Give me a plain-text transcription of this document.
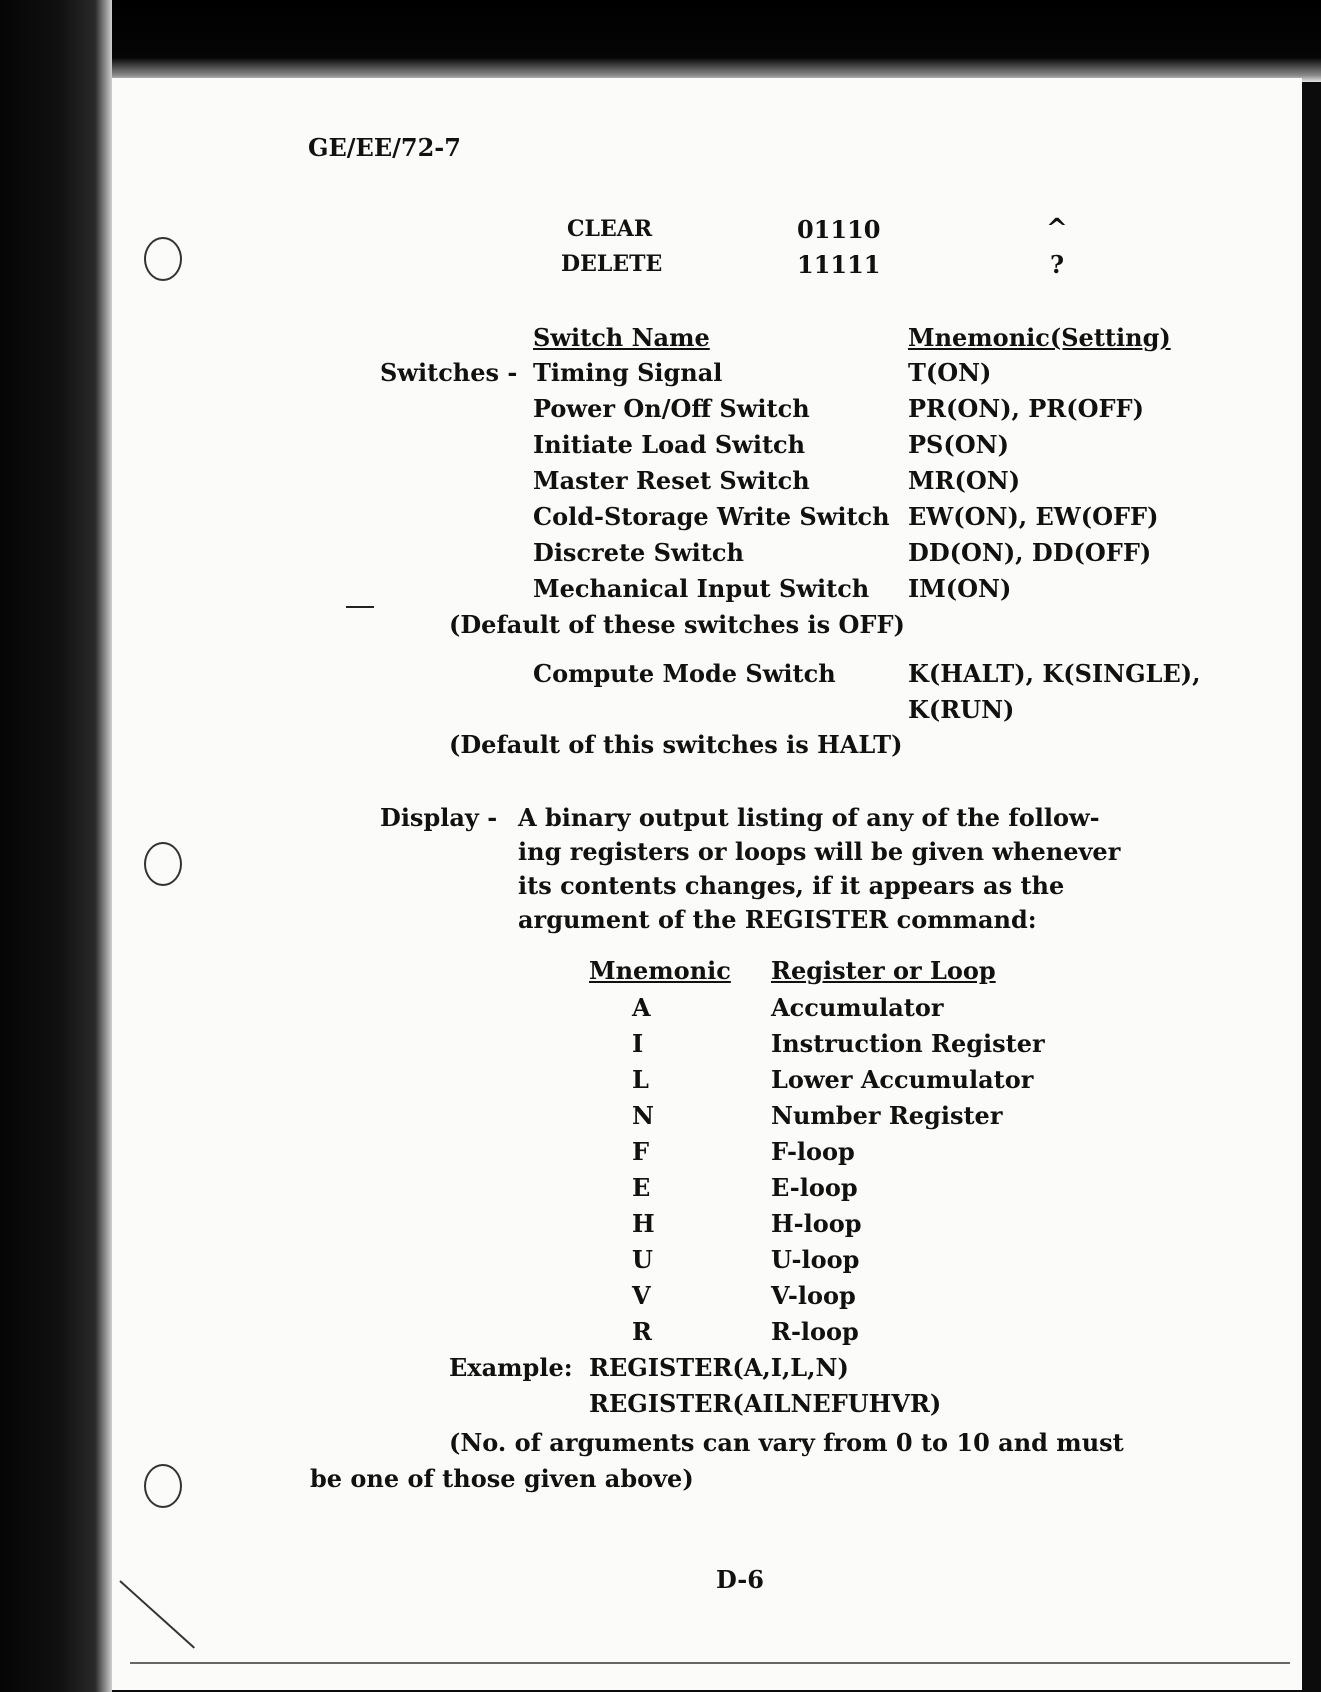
GE/EE/72-7
CLEAR	01110	^
DELETE	11111	?
Switch Name	Mnemonic(Setting)
Switches - Timing Signal	T(ON)
Power On/Off Switch	PR(ON), PR(OFF)
Initiate Load Switch	PS(ON)
Master Reset Switch	MR(ON)
Cold-Storage Write Switch EW(ON), EW(OFF)
Discrete Switch	DD(ON), DD(OFF)
Mechanical Input Switch IM(ON)
(Default of these switches is OFF)
Compute Mode Switch	K(HALT), K(SINGLE),
K(RUN)
(Default of this switches is HALT)
Display - A binary output listing of any of the follow-
ing registers or loops will be given whenever
its contents changes, if it appears as the
argument of the REGISTER command:
Mnemonic Register or Loop
A	Accumulator
I	Instruction Register
L	Lower Accumulator
N	Number Register
F	F-loop
E	E-loop
H	H-loop
U	U-loop
V	V-loop
R	R-loop
Example: REGISTER(A,I,L,N)
REGISTER(AILNEFUHVR)
(No. of arguments can vary from 0 to 10 and must
be one of those given above)
D-6
